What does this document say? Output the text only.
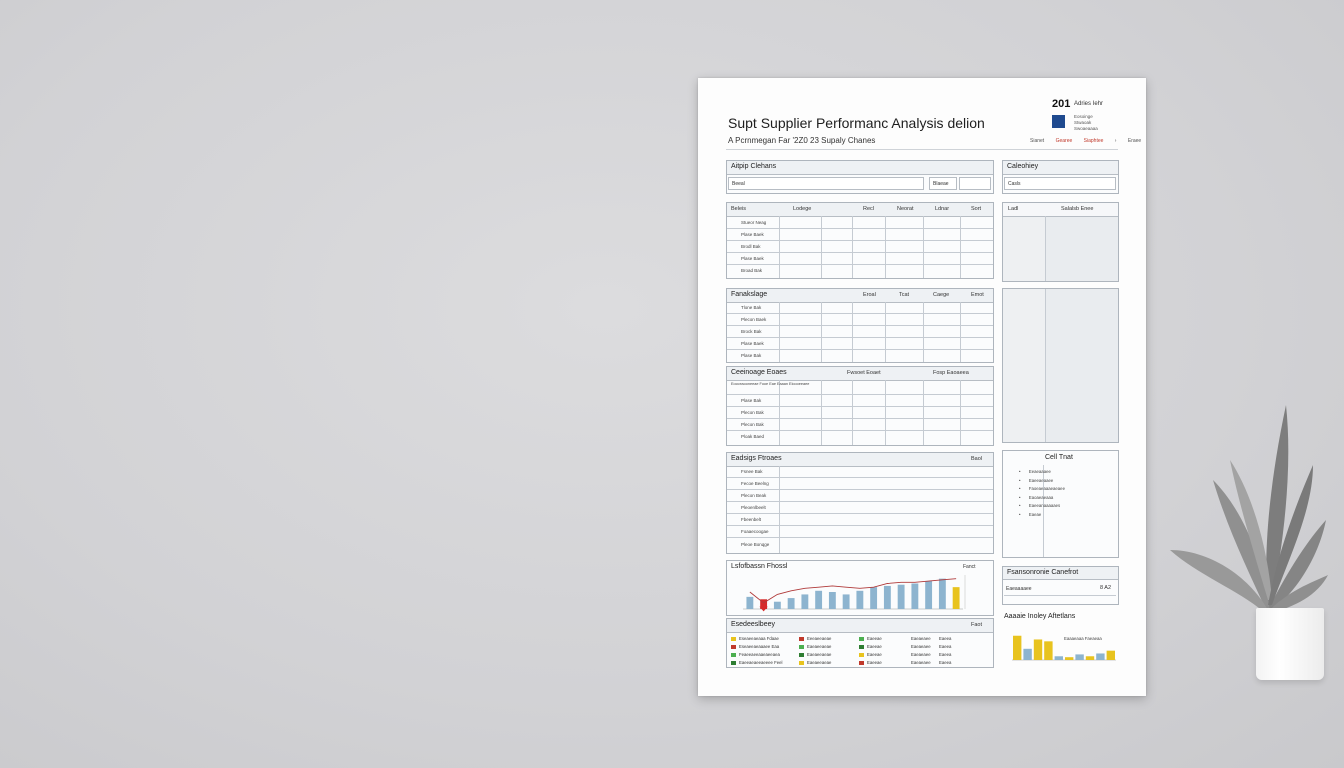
Supt Supplier Performanc Analysis delion
A Pcrnmegan Far '2Z0 23 Supaly Chanes
201 Adries Iehr
Eosoinge
Stwaoak
Swoaeaaaa
Sianet Gearee Siaphtee › Eraee
Aitpip Clehans
Beeal	Blaeae
Caleohiey
Casls
Beleis	Lodege	Recl	Neorat	Ldnar	Sort
Stueor Neag
Plase Baek
Brodl Bak
Plase Baek
Broad Bak
Ladl	Salalsb Enee
Fanakslage	Eroal	Tcat	Caege	Emot
Tlone Bak
Plecon Baek
Brock Bak
Plase Baek
Plase Bak
Ceeinoage Eoaes	Fwsoet Eoaet	Fosp Eaoaeea
Eocceaooneeae Fooe Eae Eaaan Eloooeeaee
Plase Bak
Plecon Bak
Plecon Bak
Ploak Baed
Eadsigs Ftroaes	Baol
Fsnee Bak
Fecoe Beelng
Plecon Beak
Pleoenlbeelt
Fbeenbelt
Foaaecoogae
Pleoe Bonqge
Cell Tnat
•       Eeaeaaaee
•       Eaeeaeaaee
•       Faoeaeaaaeaeaee
•       Eaoaeaeaaa
•       Eaeeanaaaaaes
•       Eaeae
Lsfofbassn Fhossl	Fanct
Fsansonronie Canefrot
Eaeaaaaee	8 A2
Esedeeslbeey	Faot
Eseaeeaeaaa Fdaae	Eeeaeeaeae	Eaeeae	Eaeaeaee Eaeea
Eseaeeaeaaaee Eaa	Eaeaeeaeae	Eaeeae	Eaeaeaee Eaeea
Feaeeaeeaaeaeeaea	Eaeaeeaeae	Eaeeae	Eaeaeaee Eaeea
Eaeeaeaeeaeeee Feel	Eaeaeeaeae	Eaeeae	Eaeaeaee Eaeea
Aaaaie Inoley Aftetlans
Eaaaeaaa Faeaeaa
